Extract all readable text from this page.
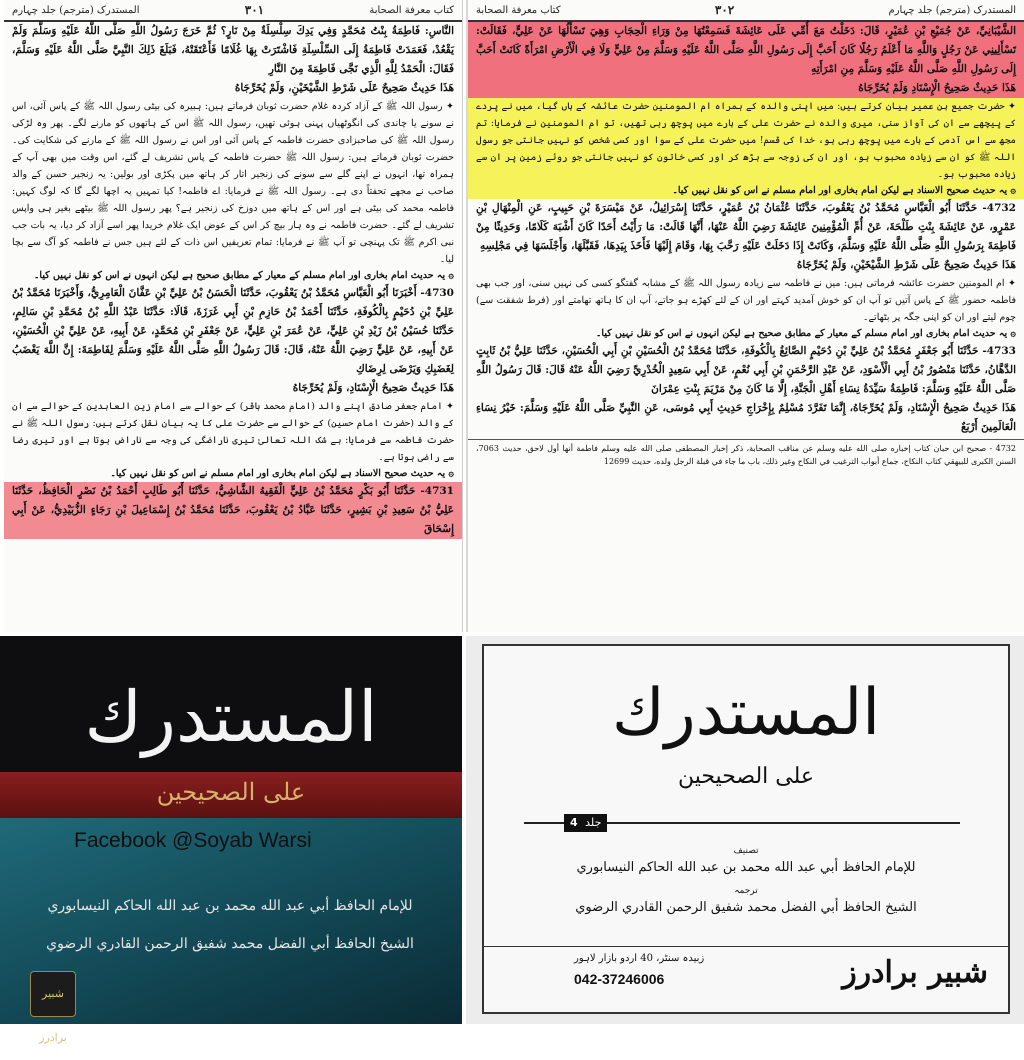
كتاب معرفة الصحابة
۳۰۱
المستدرک (مترجم) جلد چہارم

النَّاسِ: فَاطِمَةُ بِنْتُ مُحَمَّدٍ وَفِي يَدِكَ سِلْسِلَةٌ مِنْ نَارٍ؟ ثُمَّ خَرَجَ رَسُولُ اللَّهِ صَلَّى اللَّهُ عَلَيْهِ وَسَلَّمَ وَلَمْ يَقْعُدْ، فَعَمَدَتْ فَاطِمَةُ إِلَى السِّلْسِلَةِ فَاشْتَرَتْ بِهَا غُلَامًا فَأَعْتَقَتْهُ، فَبَلَغَ ذَلِكَ النَّبِيَّ صَلَّى اللَّهُ عَلَيْهِ وَسَلَّمَ، فَقَالَ: الْحَمْدُ لِلَّهِ الَّذِي نَجَّى فَاطِمَةَ مِنَ النَّارِ

هَذَا حَدِيثٌ صَحِيحٌ عَلَى شَرْطِ الشَّيْخَيْنِ، وَلَمْ يُخَرِّجَاهُ

✦ رسول اللہ ﷺ کے آزاد کردہ غلام حضرت ثوبان فرماتے ہیں: ہبیرہ کی بیٹی رسول اللہ ﷺ کے پاس آئی، اس نے سونے یا چاندی کی انگوٹھیاں پہنی ہوئی تھیں، رسول اللہ ﷺ اس کے ہاتھوں کو مارنے لگے۔ پھر وہ لڑکی رسول اللہ ﷺ کی صاحبزادی حضرت فاطمہ کے پاس آئی اور اس نے رسول اللہ ﷺ کے مارنے کی شکایت کی۔ حضرت ثوبان فرماتے ہیں: رسول اللہ ﷺ حضرت فاطمہ کے پاس تشریف لے گئے، اس وقت میں بھی آپ کے ہمراہ تھا، انہوں نے اپنے گلے سے سونے کی زنجیر اتار کر ہاتھ میں پکڑی اور بولیں: یہ زنجیر حسن کے والد صاحب نے مجھے تحفتاً دی ہے۔ رسول اللہ ﷺ نے فرمایا: اے فاطمہ! کیا تمہیں یہ اچھا لگے گا کہ لوگ کہیں: فاطمہ محمد کی بیٹی ہے اور اس کے ہاتھ میں دوزخ کی زنجیر ہے؟ پھر رسول اللہ ﷺ بیٹھے بغیر ہی واپس تشریف لے گئے۔ حضرت فاطمہ نے وہ ہار بیچ کر اس کے عوض ایک غلام خریدا پھر اسے آزاد کر دیا، یہ بات جب نبی اکرم ﷺ تک پہنچی تو آپ ﷺ نے فرمایا: تمام تعریفیں اس ذات کے لئے ہیں جس نے فاطمہ کو آگ سے بچا لیا۔

۞ یہ حدیث امام بخاری اور امام مسلم کے معیار کے مطابق صحیح ہے لیکن انہوں نے اس کو نقل نہیں کیا۔

4730- أَخْبَرَنَا أَبُو الْعَبَّاسِ مُحَمَّدُ بْنُ يَعْقُوبَ، حَدَّثَنَا الْحَسَنُ بْنُ عَلِيِّ بْنِ عَفَّانَ الْعَامِرِيُّ، وَأَخْبَرَنَا مُحَمَّدُ بْنُ عَلِيِّ بْنِ دُحَيْمٍ بِالْكُوفَةِ، حَدَّثَنَا أَحْمَدُ بْنُ حَازِمِ بْنِ أَبِي غَرَزَةَ، قَالَا: حَدَّثَنَا عَبْدُ اللَّهِ بْنُ مُحَمَّدِ بْنِ سَالِمٍ، حَدَّثَنَا حُسَيْنُ بْنُ زَيْدِ بْنِ عَلِيٍّ، عَنْ عُمَرَ بْنِ عَلِيٍّ، عَنْ جَعْفَرِ بْنِ مُحَمَّدٍ، عَنْ أَبِيهِ، عَنْ عَلِيِّ بْنِ الْحُسَيْنِ، عَنْ أَبِيهِ، عَنْ عَلِيٍّ رَضِيَ اللَّهُ عَنْهُ، قَالَ: قَالَ رَسُولُ اللَّهِ صَلَّى اللَّهُ عَلَيْهِ وَسَلَّمَ لِفَاطِمَةَ: إِنَّ اللَّهَ يَغْضَبُ لِغَضَبِكِ وَيَرْضَى لِرِضَاكِ

هَذَا حَدِيثٌ صَحِيحُ الْإِسْنَادِ، وَلَمْ يُخَرِّجَاهُ

✦ امام جعفر صادق اپنے والد (امام محمد باقر) کے حوالے سے امام زین العابدین کے حوالے سے ان کے والد (حضرت امام حسین) کے حوالے سے حضرت علی کا یہ بیان نقل کرتے ہیں: رسول اللہ ﷺ نے حضرت فاطمہ سے فرمایا: بے شک اللہ تعالیٰ تیری ناراضگی کی وجہ سے ناراض ہوتا ہے اور تیری رضا سے راضی ہوتا ہے۔

۞ یہ حدیث صحیح الاسناد ہے لیکن امام بخاری اور امام مسلم نے اس کو نقل نہیں کیا۔

4731- حَدَّثَنَا أَبُو بَكْرٍ مُحَمَّدُ بْنُ عَلِيٍّ الْفَقِيهُ الشَّاشِيُّ، حَدَّثَنَا أَبُو طَالِبٍ أَحْمَدُ بْنُ نَصْرٍ الْحَافِظُ، حَدَّثَنَا عَلِيُّ بْنُ سَعِيدِ بْنِ بَشِيرٍ، حَدَّثَنَا عَبَّادُ بْنُ يَعْقُوبَ، حَدَّثَنَا مُحَمَّدُ بْنُ إِسْمَاعِيلَ بْنِ رَجَاءٍ الزُّبَيْدِيُّ، عَنْ أَبِي إِسْحَاقَ

المستدرک (مترجم) جلد چہارم
۳۰۲
كتاب معرفة الصحابة

الشَّيْبَانِيِّ، عَنْ جُمَيْعِ بْنِ عُمَيْرٍ، قَالَ: دَخَلْتُ مَعَ أُمِّي عَلَى عَائِشَةَ فَسَمِعْتُهَا مِنْ وَرَاءِ الْحِجَابِ وَهِيَ تَسْأَلُهَا عَنْ عَلِيٍّ، فَقَالَتْ: تَسْأَلِينِي عَنْ رَجُلٍ وَاللَّهِ مَا أَعْلَمُ رَجُلًا كَانَ أَحَبَّ إِلَى رَسُولِ اللَّهِ صَلَّى اللَّهُ عَلَيْهِ وَسَلَّمَ مِنْ عَلِيٍّ وَلَا فِي الْأَرْضِ امْرَأَةً كَانَتْ أَحَبَّ إِلَى رَسُولِ اللَّهِ صَلَّى اللَّهُ عَلَيْهِ وَسَلَّمَ مِنِ امْرَأَتِهِ

هَذَا حَدِيثٌ صَحِيحُ الْإِسْنَادِ وَلَمْ يُخَرِّجَاهُ

✦ حضرت جمیع بن عمیر بیان کرتے ہیں: میں اپنی والدہ کے ہمراہ ام المومنین حضرت عائشہ کے ہاں گیا، میں نے پردے کے پیچھے سے ان کی آواز سنی، میری والدہ نے حضرت علی کے بارے میں پوچھ رہی تھیں، تو ام المومنین نے فرمایا: تم مجھ سے اس آدمی کے بارے میں پوچھ رہی ہو، خدا کی قسم! میں حضرت علی کے سوا اور کسی شخص کو نہیں جانتی جو رسول اللہ ﷺ کو ان سے زیادہ محبوب ہو، اور ان کی زوجہ سے بڑھ کر اور کسی خاتون کو نہیں جانتی جو روئے زمین پر ان سے زیادہ محبوب ہو۔

۞ یہ حدیث صحیح الاسناد ہے لیکن امام بخاری اور امام مسلم نے اس کو نقل نہیں کیا۔

4732- حَدَّثَنَا أَبُو الْعَبَّاسِ مُحَمَّدُ بْنُ يَعْقُوبَ، حَدَّثَنَا عُثْمَانُ بْنُ عُمَيْرٍ، حَدَّثَنَا إِسْرَائِيلُ، عَنْ مَيْسَرَةَ بْنِ حَبِيبٍ، عَنِ الْمِنْهَالِ بْنِ عَمْرٍو، عَنْ عَائِشَةَ بِنْتِ طَلْحَةَ، عَنْ أُمِّ الْمُؤْمِنِينَ عَائِشَةَ رَضِيَ اللَّهُ عَنْهَا، أَنَّهَا قَالَتْ: مَا رَأَيْتُ أَحَدًا كَانَ أَشْبَهَ كَلَامًا، وَحَدِيثًا مِنْ فَاطِمَةَ بِرَسُولِ اللَّهِ صَلَّى اللَّهُ عَلَيْهِ وَسَلَّمَ، وَكَانَتْ إِذَا دَخَلَتْ عَلَيْهِ رَحَّبَ بِهَا، وَقَامَ إِلَيْهَا فَأَخَذَ بِيَدِهَا، فَقَبَّلَهَا، وَأَجْلَسَهَا فِي مَجْلِسِهِ

هَذَا حَدِيثٌ صَحِيحٌ عَلَى شَرْطِ الشَّيْخَيْنِ، وَلَمْ يُخَرِّجَاهُ

✦ ام المومنین حضرت عائشہ فرماتی ہیں: میں نے فاطمہ سے زیادہ رسول اللہ ﷺ کے مشابہ گفتگو کسی کی نہیں سنی، اور جب بھی فاطمہ حضور ﷺ کے پاس آتیں تو آپ ان کو خوش آمدید کہتے اور ان کے لئے کھڑے ہو جاتے، آپ ان کا ہاتھ تھامتے اور (فرط شفقت سے) چوم لیتے اور ان کو اپنی جگہ پر بٹھاتے۔

۞ یہ حدیث امام بخاری اور امام مسلم کے معیار کے مطابق صحیح ہے لیکن انہوں نے اس کو نقل نہیں کیا۔

4733- حَدَّثَنَا أَبُو جَعْفَرٍ مُحَمَّدُ بْنُ عَلِيِّ بْنِ دُحَيْمٍ الصَّائِغُ بِالْكُوفَةِ، حَدَّثَنَا مُحَمَّدُ بْنُ الْحُسَيْنِ بْنِ أَبِي الْحُسَيْنِ، حَدَّثَنَا عَلِيُّ بْنُ ثَابِتٍ الدَّهَّانُ، حَدَّثَنَا مَنْصُورُ بْنُ أَبِي الْأَسْوَدِ، عَنْ عَبْدِ الرَّحْمَنِ بْنِ أَبِي نُعْمٍ، عَنْ أَبِي سَعِيدٍ الْخُدْرِيِّ رَضِيَ اللَّهُ عَنْهُ قَالَ: قَالَ رَسُولُ اللَّهِ صَلَّى اللَّهُ عَلَيْهِ وَسَلَّمَ: فَاطِمَةُ سَيِّدَةُ نِسَاءِ أَهْلِ الْجَنَّةِ، إِلَّا مَا كَانَ مِنْ مَرْيَمَ بِنْتِ عِمْرَانَ

هَذَا حَدِيثٌ صَحِيحُ الْإِسْنَادِ، وَلَمْ يُخَرِّجَاهُ، إِنَّمَا تَفَرَّدَ مُسْلِمٌ بِإِخْرَاجِ حَدِيثِ أَبِي مُوسَى، عَنِ النَّبِيِّ صَلَّى اللَّهُ عَلَيْهِ وَسَلَّمَ: خَيْرُ نِسَاءِ الْعَالَمِينَ أَرْبَعٌ

4732 - صحيح ابن حبان كتاب إخباره صلى الله عليه وسلم عن مناقب الصحابة، ذكر إخبار المصطفى صلى الله عليه وسلم فاطمة أنها أول لاحق، حديث 7063، السنن الكبرى للبيهقي كتاب النكاح، جماع أبواب الترغيب في النكاح وغير ذلك، باب ما جاء في قبلة الرجل ولده، حديث 12699

المستدرك
على الصحيحين
Facebook @Soyab Warsi
للإمام الحافظ أبي عبد الله محمد بن عبد الله الحاكم النيسابوري
الشيخ الحافظ أبي الفضل محمد شفيق الرحمن القادري الرضوي
شبیر برادرز
المستدرك
على الصحيحين
جلد 4
تصنیف
للإمام الحافظ أبي عبد الله محمد بن عبد الله الحاكم النيسابوري
ترجمہ
الشیخ الحافظ أبي الفضل محمد شفیق الرحمن القادري الرضوي
شبیر برادرز
زبیدہ سنٹر، 40 اردو بازار لاہور
042-37246006
